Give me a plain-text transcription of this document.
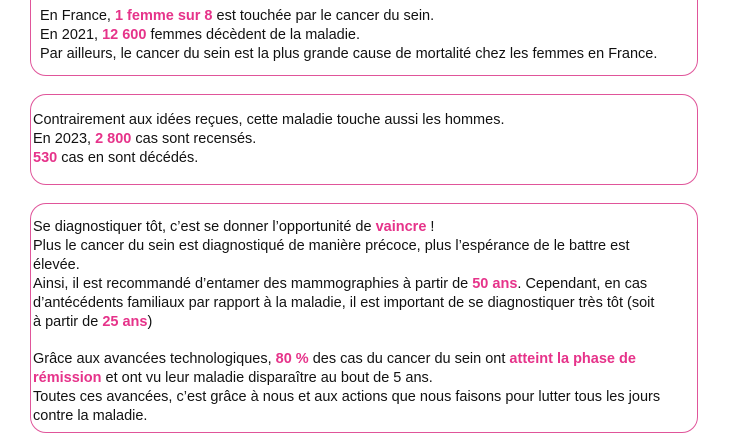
En France, 1 femme sur 8 est touchée par le cancer du sein.
En 2021, 12 600 femmes décèdent de la maladie.
Par ailleurs, le cancer du sein est la plus grande cause de mortalité chez les femmes en France.
Contrairement aux idées reçues, cette maladie touche aussi les hommes.
En 2023, 2 800 cas sont recensés.
530 cas en sont décédés.
Se diagnostiquer tôt, c’est se donner l’opportunité de vaincre !
Plus le cancer du sein est diagnostiqué de manière précoce, plus l’espérance de le battre est
élevée.
Ainsi, il est recommandé d’entamer des mammographies à partir de 50 ans. Cependant, en cas
d’antécédents familiaux par rapport à la maladie, il est important de se diagnostiquer très tôt (soit
à partir de 25 ans)
Grâce aux avancées technologiques, 80 % des cas du cancer du sein ont atteint la phase de
rémission et ont vu leur maladie disparaître au bout de 5 ans.
Toutes ces avancées, c’est grâce à nous et aux actions que nous faisons pour lutter tous les jours
contre la maladie.
